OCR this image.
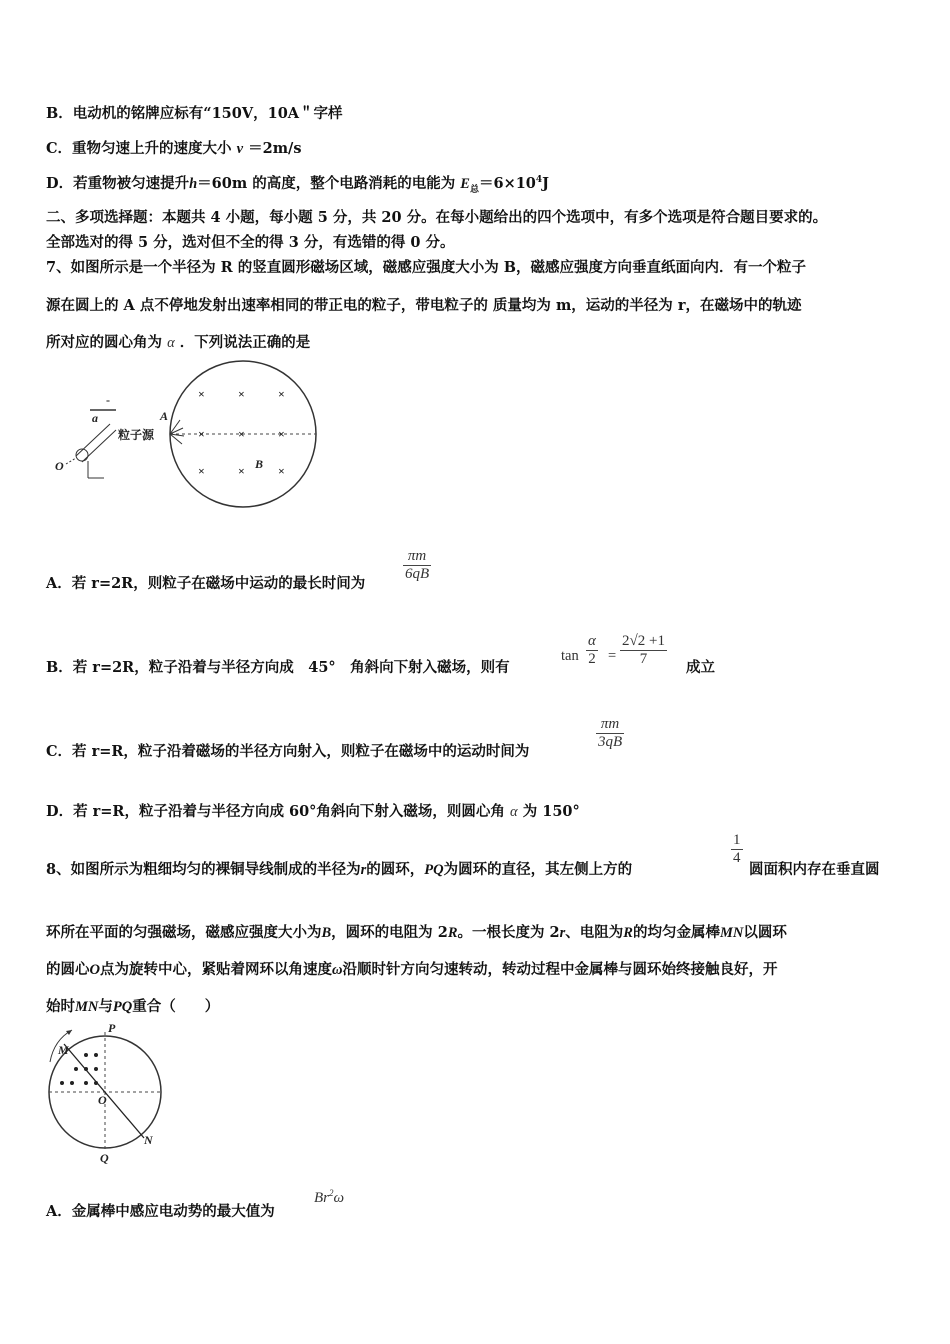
B．电动机的铭牌应标有“150V，10A＂字样
C．重物匀速上升的速度大小 v ＝2m/s
D．若重物被匀速提升h＝60m 的高度，整个电路消耗的电能为 $E_总=6\times 10^4J$
二、多项选择题：本题共 4 小题，每小题 5 分，共 20 分。在每小题给出的四个选项中，有多个选项是符合题目要求的。
全部选对的得 5 分，选对但不全的得 3 分，有选错的得 0 分。
7、如图所示是一个半径为 R 的竖直圆形磁场区域，磁感应强度大小为 B，磁感应强度方向垂直纸面向内．有一个粒子
源在圆上的 A 点不停地发射出速率相同的带正电的粒子，带电粒子的 质量均为 m，运动的半径为 r，在磁场中的轨迹
所对应的圆心角为 α ．下列说法正确的是
×	×	×
×	×	×
×	×	×
A
B
粒子源
-
a
O
A．若 r=2R，则粒子在磁场中运动的最长时间为
$\frac{\pi m}{6qB}$
B．若 r=2R，粒子沿着与半径方向成　45°　角斜向下射入磁场，则有
$\tan \frac{\alpha}{2} = \frac{2√2 +1}{7}$ 成立
C．若 r=R，粒子沿着磁场的半径方向射入，则粒子在磁场中的运动时间为
$\frac{\pi m}{3qB}$
D．若 r=R，粒子沿着与半径方向成 60°角斜向下射入磁场，则圆心角 α 为 150°
8、如图所示为粗细均匀的裸铜导线制成的半径为r的圆环，PQ为圆环的直径，其左侧上方的
$\frac{1}{4}$
圆面积内存在垂直圆
环所在平面的匀强磁场，磁感应强度大小为B，圆环的电阻为 2R。一根长度为 2r、电阻为R的均匀金属棒MN以圆环
的圆心O点为旋转中心，紧贴着网环以角速度ω沿顺时针方向匀速转动，转动过程中金属棒与圆环始终接触良好，开
始时MN与PQ重合（　　）
P
Q
M
N
O
A．金属棒中感应电动势的最大值为
Br$^2$ω
